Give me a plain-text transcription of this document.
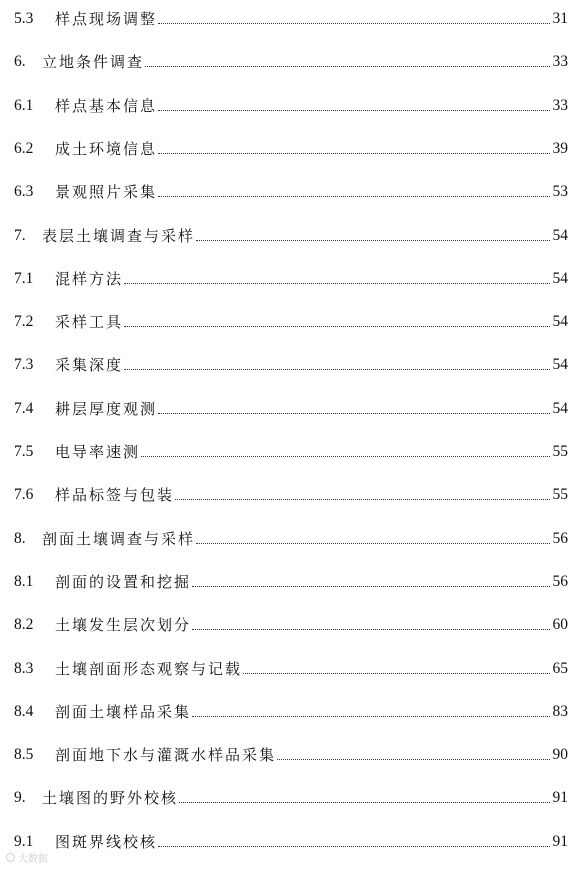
5.3	样点现场调整	31
6.	立地条件调查	33
6.1	样点基本信息	33
6.2	成土环境信息	39
6.3	景观照片采集	53
7.	表层土壤调查与采样	54
7.1	混样方法	54
7.2	采样工具	54
7.3	采集深度	54
7.4	耕层厚度观测	54
7.5	电导率速测	55
7.6	样品标签与包装	55
8.	剖面土壤调查与采样	56
8.1	剖面的设置和挖掘	56
8.2	土壤发生层次划分	60
8.3	土壤剖面形态观察与记载	65
8.4	剖面土壤样品采集	83
8.5	剖面地下水与灌溉水样品采集	90
9.	土壤图的野外校核	91
9.1	图斑界线校核	91
大数据
